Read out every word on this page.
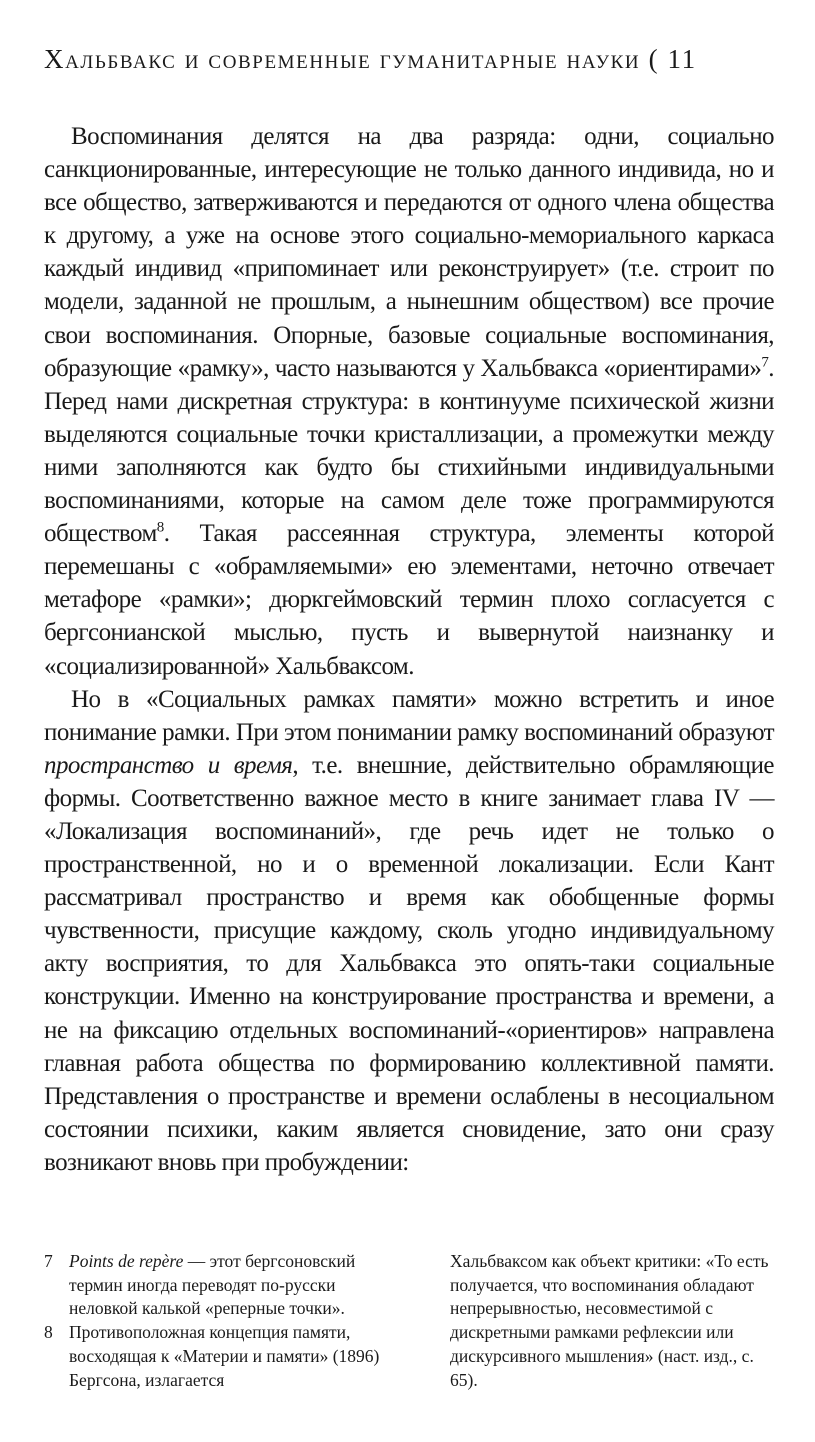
Хальбвакс и современные гуманитарные науки ( 11

Воспоминания делятся на два разряда: одни, социально санкционированные, интересующие не только данного индивида, но и все общество, затверживаются и передаются от одного члена общества к другому, а уже на основе этого социально-мемориального каркаса каждый индивид «припоминает или реконструирует» (т.е. строит по модели, заданной не прошлым, а нынешним обществом) все прочие свои воспоминания. Опорные, базовые социальные воспоминания, образующие «рамку», часто называются у Хальбвакса «ориентирами»$^7$. Перед нами дискретная структура: в континууме психической жизни выделяются социальные точки кристаллизации, а промежутки между ними заполняются как будто бы стихийными индивидуальными воспоминаниями, которые на самом деле тоже программируются обществом$^8$. Такая рассеянная структура, элементы которой перемешаны с «обрамляемыми» ею элементами, неточно отвечает метафоре «рамки»; дюркгеймовский термин плохо согласуется с бергсонианской мыслью, пусть и вывернутой наизнанку и «социализированной» Хальбваксом.

Но в «Социальных рамках памяти» можно встретить и иное понимание рамки. При этом понимании рамку воспоминаний образуют пространство и время, т.е. внешние, действительно обрамляющие формы. Соответственно важное место в книге занимает глава IV — «Локализация воспоминаний», где речь идет не только о пространственной, но и о временной локализации. Если Кант рассматривал пространство и время как обобщенные формы чувственности, присущие каждому, сколь угодно индивидуальному акту восприятия, то для Хальбвакса это опять-таки социальные конструкции. Именно на конструирование пространства и времени, а не на фиксацию отдельных воспоминаний-«ориентиров» направлена главная работа общества по формированию коллективной памяти. Представления о пространстве и времени ослаблены в несоциальном состоянии психики, каким является сновидение, зато они сразу возникают вновь при пробуждении:

7 Points de repère — этот бергсоновский термин иногда переводят по-русски неловкой калькой «реперные точки».

8 Противоположная концепция памяти, восходящая к «Материи и памяти» (1896) Бергсона, излагается

Хальбваксом как объект критики: «То есть получается, что воспоминания обладают непрерывностью, несовместимой с дискретными рамками рефлексии или дискурсивного мышления» (наст. изд., с. 65).
